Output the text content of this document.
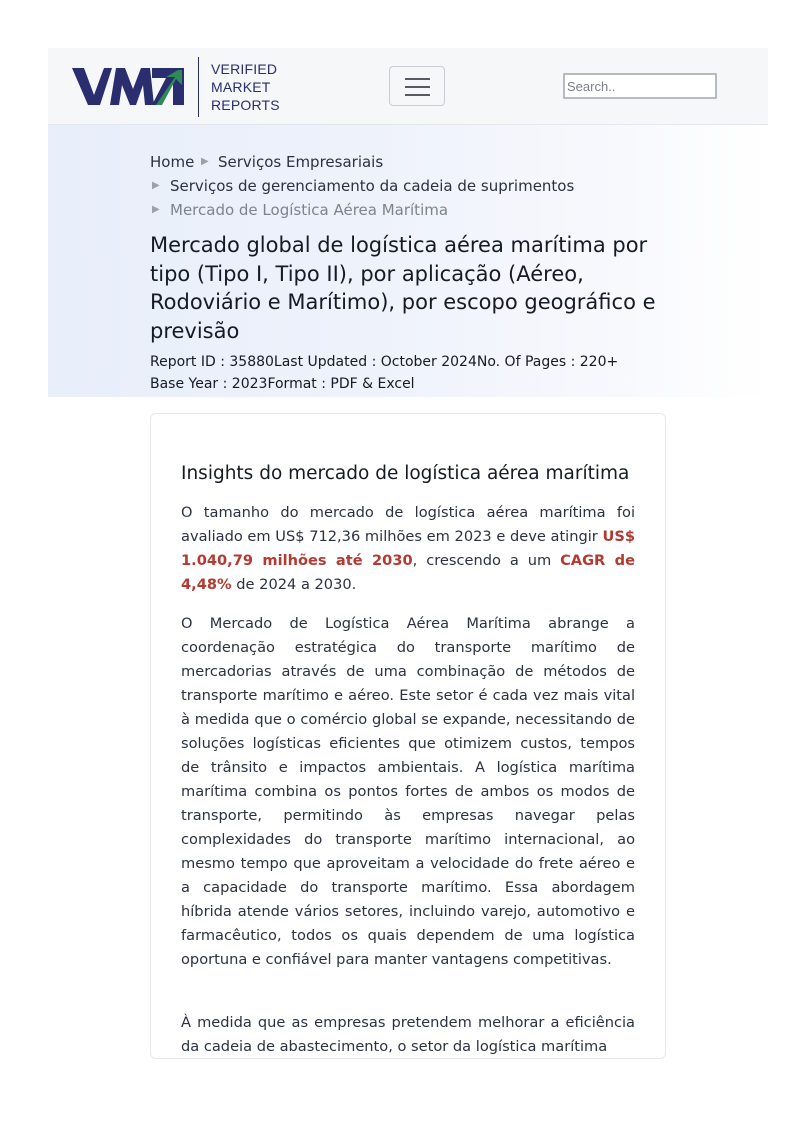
VERIFIED
MARKET
REPORTS
Search..
Home ▶ Serviços Empresariais
▶ Serviços de gerenciamento da cadeia de suprimentos
▶ Mercado de Logística Aérea Marítima
Mercado global de logística aérea marítima por tipo (Tipo I, Tipo II), por aplicação (Aéreo, Rodoviário e Marítimo), por escopo geográfico e previsão
Report ID : 35880Last Updated : October 2024No. Of Pages : 220+
Base Year : 2023Format : PDF & Excel
Insights do mercado de logística aérea marítima

O tamanho do mercado de logística aérea marítima foi avaliado em US$ 712,36 milhões em 2023 e deve atingir US$ 1.040,79 milhões até 2030, crescendo a um CAGR de 4,48% de 2024 a 2030.

O Mercado de Logística Aérea Marítima abrange a coordenação estratégica do transporte marítimo de mercadorias através de uma combinação de métodos de transporte marítimo e aéreo. Este setor é cada vez mais vital à medida que o comércio global se expande, necessitando de soluções logísticas eficientes que otimizem custos, tempos de trânsito e impactos ambientais. A logística marítima marítima combina os pontos fortes de ambos os modos de transporte, permitindo às empresas navegar pelas complexidades do transporte marítimo internacional, ao mesmo tempo que aproveitam a velocidade do frete aéreo e a capacidade do transporte marítimo. Essa abordagem híbrida atende vários setores, incluindo varejo, automotivo e farmacêutico, todos os quais dependem de uma logística oportuna e confiável para manter vantagens competitivas.

À medida que as empresas pretendem melhorar a eficiência da cadeia de abastecimento, o setor da logística marítima
